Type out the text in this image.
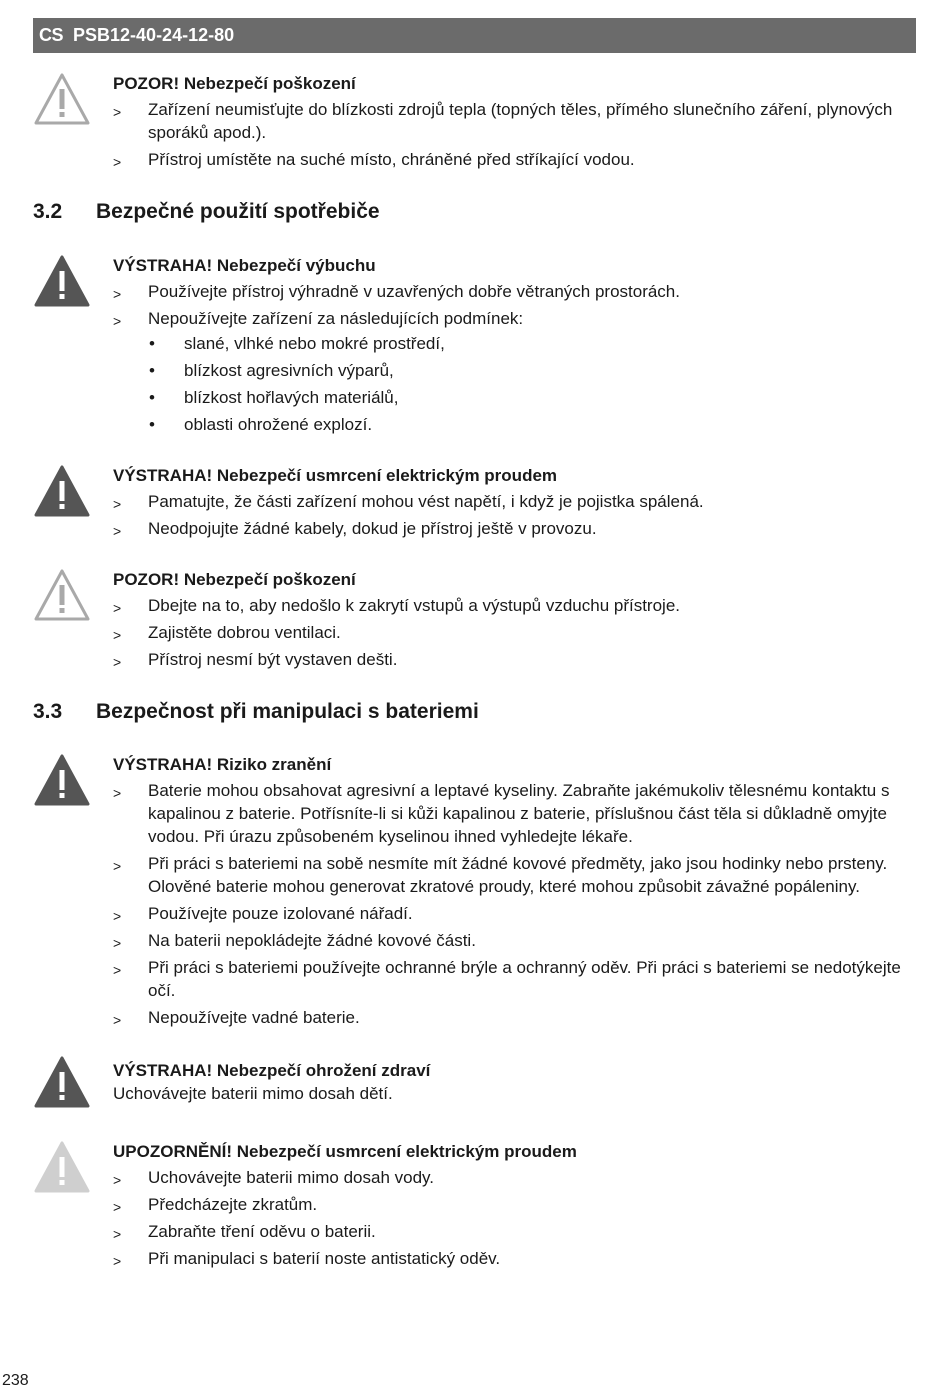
CS PSB12-40-24-12-80

POZOR! Nebezpečí poškození

>	Zařízení neumisťujte do blízkosti zdrojů tepla (topných těles, přímého slunečního záření, plynových sporáků apod.).
>	Přístroj umístěte na suché místo, chráněné před stříkající vodou.
3.2 Bezpečné použití spotřebiče

VÝSTRAHA! Nebezpečí výbuchu

>	Používejte přístroj výhradně v uzavřených dobře větraných prostorách.
>	Nepoužívejte zařízení za následujících podmínek:
• slané, vlhké nebo mokré prostředí,
• blízkost agresivních výparů,
• blízkost hořlavých materiálů,
• oblasti ohrožené explozí.

VÝSTRAHA! Nebezpečí usmrcení elektrickým proudem

>	Pamatujte, že části zařízení mohou vést napětí, i když je pojistka spálená.
>	Neodpojujte žádné kabely, dokud je přístroj ještě v provozu.

POZOR! Nebezpečí poškození

>	Dbejte na to, aby nedošlo k zakrytí vstupů a výstupů vzduchu přístroje.
>	Zajistěte dobrou ventilaci.
>	Přístroj nesmí být vystaven dešti.
3.3 Bezpečnost při manipulaci s bateriemi

VÝSTRAHA! Riziko zranění

>	Baterie mohou obsahovat agresivní a leptavé kyseliny. Zabraňte jakémukoliv tělesnému kontaktu s kapalinou z baterie. Potřísníte-li si kůži kapalinou z baterie, příslušnou část těla si důkladně omyjte vodou. Při úrazu způsobeném kyselinou ihned vyhledejte lékaře.
>	Při práci s bateriemi na sobě nesmíte mít žádné kovové předměty, jako jsou hodinky nebo prsteny. Olověné baterie mohou generovat zkratové proudy, které mohou způsobit závažné popáleniny.
>	Používejte pouze izolované nářadí.
>	Na baterii nepokládejte žádné kovové části.
>	Při práci s bateriemi používejte ochranné brýle a ochranný oděv. Při práci s bateriemi se nedotýkejte očí.
>	Nepoužívejte vadné baterie.

VÝSTRAHA! Nebezpečí ohrožení zdraví

Uchovávejte baterii mimo dosah dětí.

UPOZORNĚNÍ! Nebezpečí usmrcení elektrickým proudem

>	Uchovávejte baterii mimo dosah vody.
>	Předcházejte zkratům.
>	Zabraňte tření oděvu o baterii.
>	Při manipulaci s baterií noste antistatický oděv.
238
